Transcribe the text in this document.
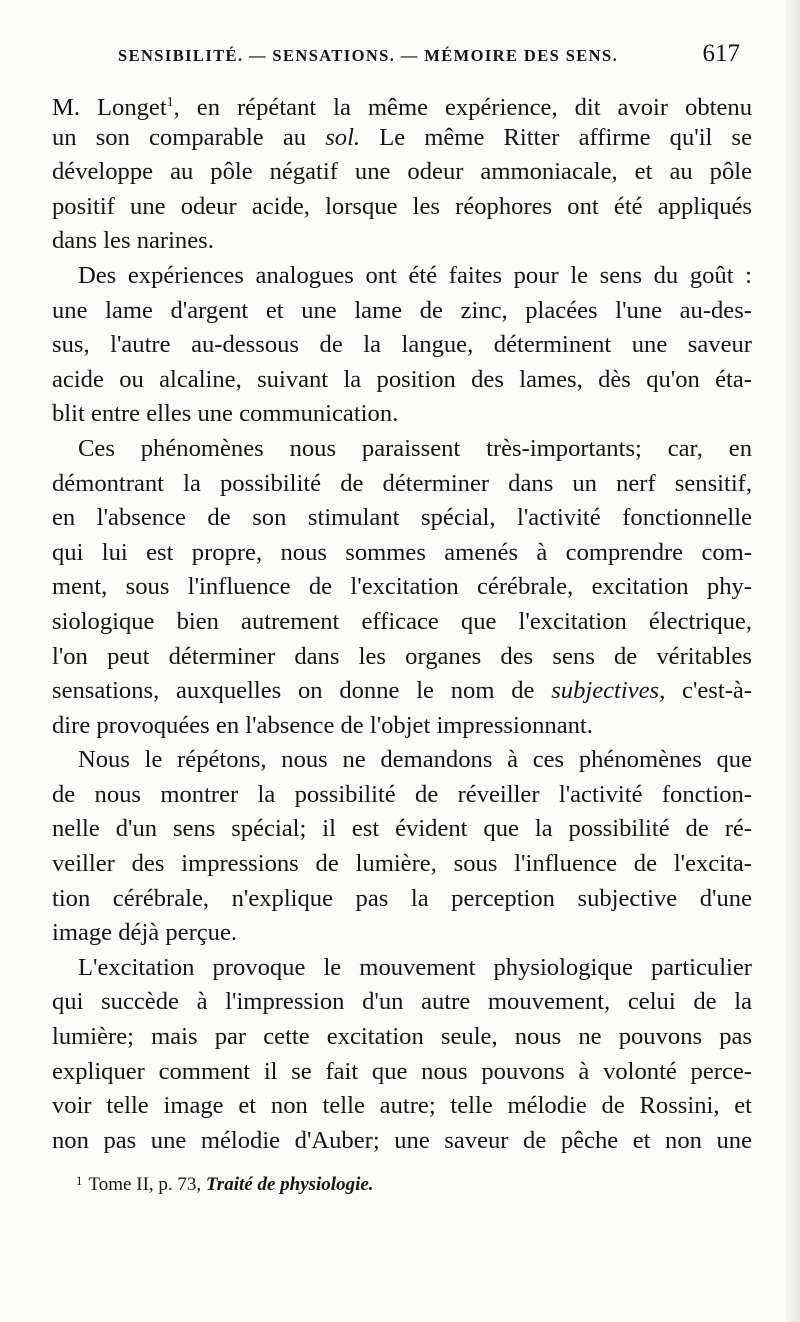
SENSIBILITÉ. — SENSATIONS. — MÉMOIRE DES SENS.	617
M. Longet$^1$, en répétant la même expérience, dit avoir obtenu
un son comparable au sol. Le même Ritter affirme qu'il se
développe au pôle négatif une odeur ammoniacale, et au pôle
positif une odeur acide, lorsque les réophores ont été appliqués
dans les narines.
Des expériences analogues ont été faites pour le sens du goût :
une lame d'argent et une lame de zinc, placées l'une au-des-
sus, l'autre au-dessous de la langue, déterminent une saveur
acide ou alcaline, suivant la position des lames, dès qu'on éta-
blit entre elles une communication.
Ces phénomènes nous paraissent très-importants; car, en
démontrant la possibilité de déterminer dans un nerf sensitif,
en l'absence de son stimulant spécial, l'activité fonctionnelle
qui lui est propre, nous sommes amenés à comprendre com-
ment, sous l'influence de l'excitation cérébrale, excitation phy-
siologique bien autrement efficace que l'excitation électrique,
l'on peut déterminer dans les organes des sens de véritables
sensations, auxquelles on donne le nom de subjectives, c'est-à-
dire provoquées en l'absence de l'objet impressionnant.
Nous le répétons, nous ne demandons à ces phénomènes que
de nous montrer la possibilité de réveiller l'activité fonction-
nelle d'un sens spécial; il est évident que la possibilité de ré-
veiller des impressions de lumière, sous l'influence de l'excita-
tion cérébrale, n'explique pas la perception subjective d'une
image déjà perçue.
L'excitation provoque le mouvement physiologique particulier
qui succède à l'impression d'un autre mouvement, celui de la
lumière; mais par cette excitation seule, nous ne pouvons pas
expliquer comment il se fait que nous pouvons à volonté perce-
voir telle image et non telle autre; telle mélodie de Rossini, et
non pas une mélodie d'Auber; une saveur de pêche et non une
$^1$ Tome II, p. 73, Traité de physiologie.
